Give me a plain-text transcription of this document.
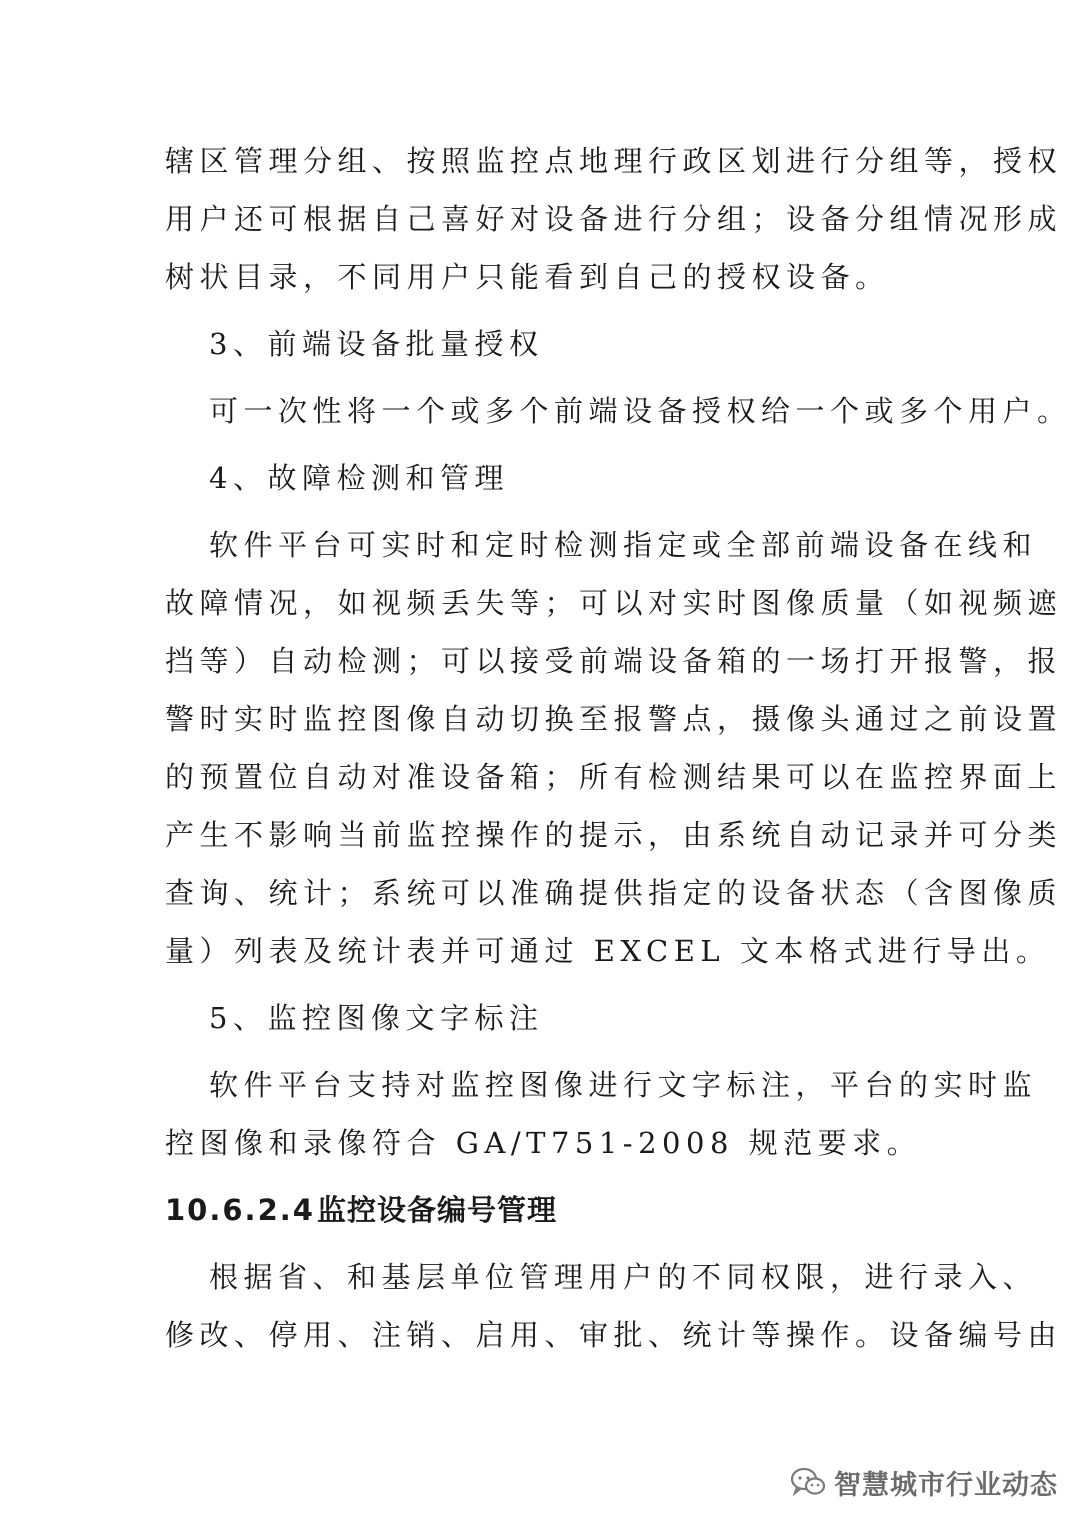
辖区管理分组、按照监控点地理行政区划进行分组等，授权
用户还可根据自己喜好对设备进行分组；设备分组情况形成
树状目录，不同用户只能看到自己的授权设备。
3、前端设备批量授权
可一次性将一个或多个前端设备授权给一个或多个用户。
4、故障检测和管理
软件平台可实时和定时检测指定或全部前端设备在线和
故障情况，如视频丢失等；可以对实时图像质量（如视频遮
挡等）自动检测；可以接受前端设备箱的一场打开报警，报
警时实时监控图像自动切换至报警点，摄像头通过之前设置
的预置位自动对准设备箱；所有检测结果可以在监控界面上
产生不影响当前监控操作的提示，由系统自动记录并可分类
查询、统计；系统可以准确提供指定的设备状态（含图像质
量）列表及统计表并可通过 EXCEL 文本格式进行导出。
5、监控图像文字标注
软件平台支持对监控图像进行文字标注，平台的实时监
控图像和录像符合 GA/T751-2008 规范要求。
10.6.2.4监控设备编号管理
根据省、和基层单位管理用户的不同权限，进行录入、
修改、停用、注销、启用、审批、统计等操作。设备编号由
智慧城市行业动态
